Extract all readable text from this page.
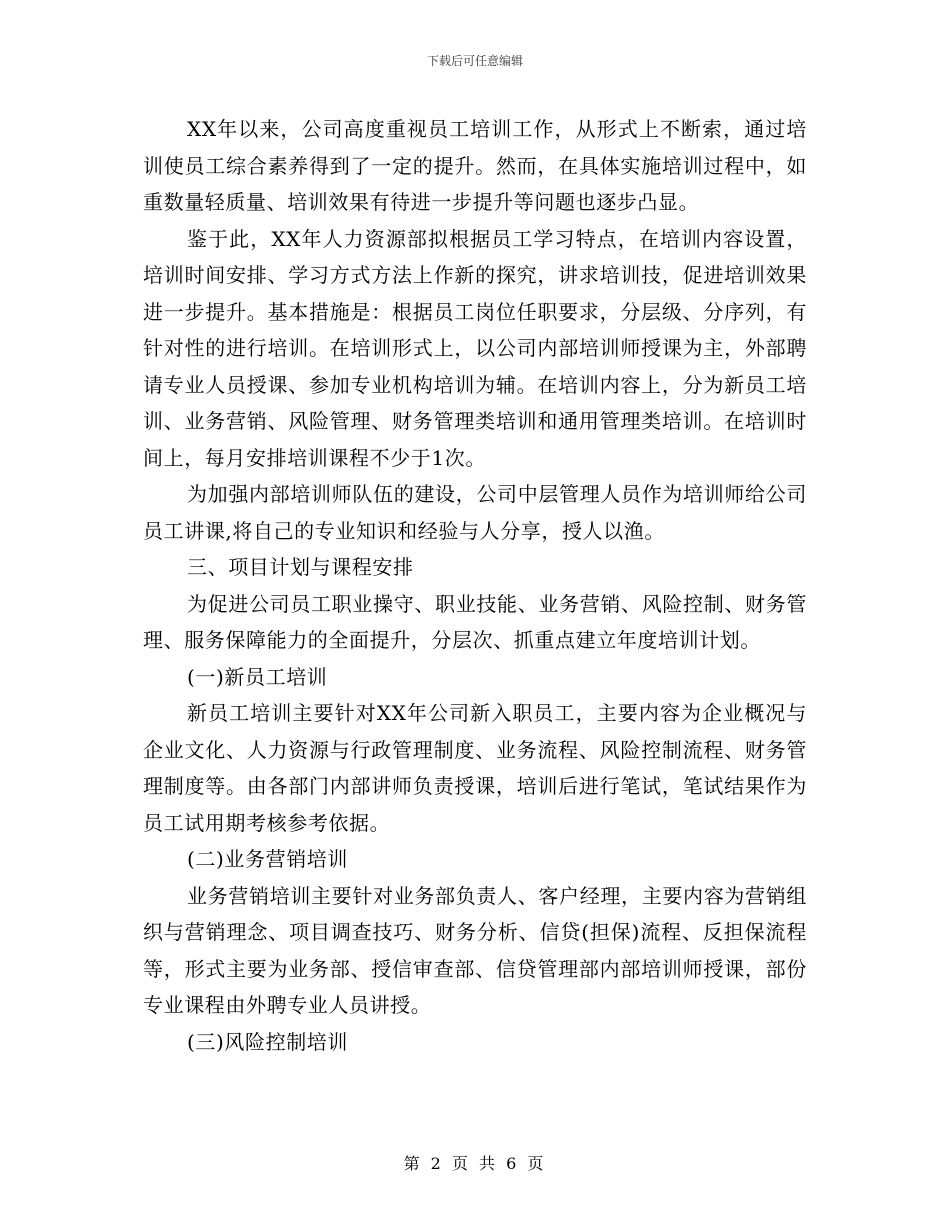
下载后可任意编辑

XX年以来，公司高度重视员工培训工作，从形式上不断索，通过培训使员工综合素养得到了一定的提升。然而，在具体实施培训过程中，如重数量轻质量、培训效果有待进一步提升等问题也逐步凸显。

鉴于此，XX年人力资源部拟根据员工学习特点，在培训内容设置，培训时间安排、学习方式方法上作新的探究，讲求培训技，促进培训效果进一步提升。基本措施是：根据员工岗位任职要求，分层级、分序列，有针对性的进行培训。在培训形式上，以公司内部培训师授课为主，外部聘请专业人员授课、参加专业机构培训为辅。在培训内容上，分为新员工培训、业务营销、风险管理、财务管理类培训和通用管理类培训。在培训时间上，每月安排培训课程不少于1次。

为加强内部培训师队伍的建设，公司中层管理人员作为培训师给公司员工讲课,将自己的专业知识和经验与人分享，授人以渔。

三、项目计划与课程安排

为促进公司员工职业操守、职业技能、业务营销、风险控制、财务管理、服务保障能力的全面提升，分层次、抓重点建立年度培训计划。

(一)新员工培训

新员工培训主要针对XX年公司新入职员工，主要内容为企业概况与企业文化、人力资源与行政管理制度、业务流程、风险控制流程、财务管理制度等。由各部门内部讲师负责授课，培训后进行笔试，笔试结果作为员工试用期考核参考依据。

(二)业务营销培训

业务营销培训主要针对业务部负责人、客户经理，主要内容为营销组织与营销理念、项目调查技巧、财务分析、信贷(担保)流程、反担保流程等，形式主要为业务部、授信审查部、信贷管理部内部培训师授课，部份专业课程由外聘专业人员讲授。

(三)风险控制培训

第 2 页 共 6 页
